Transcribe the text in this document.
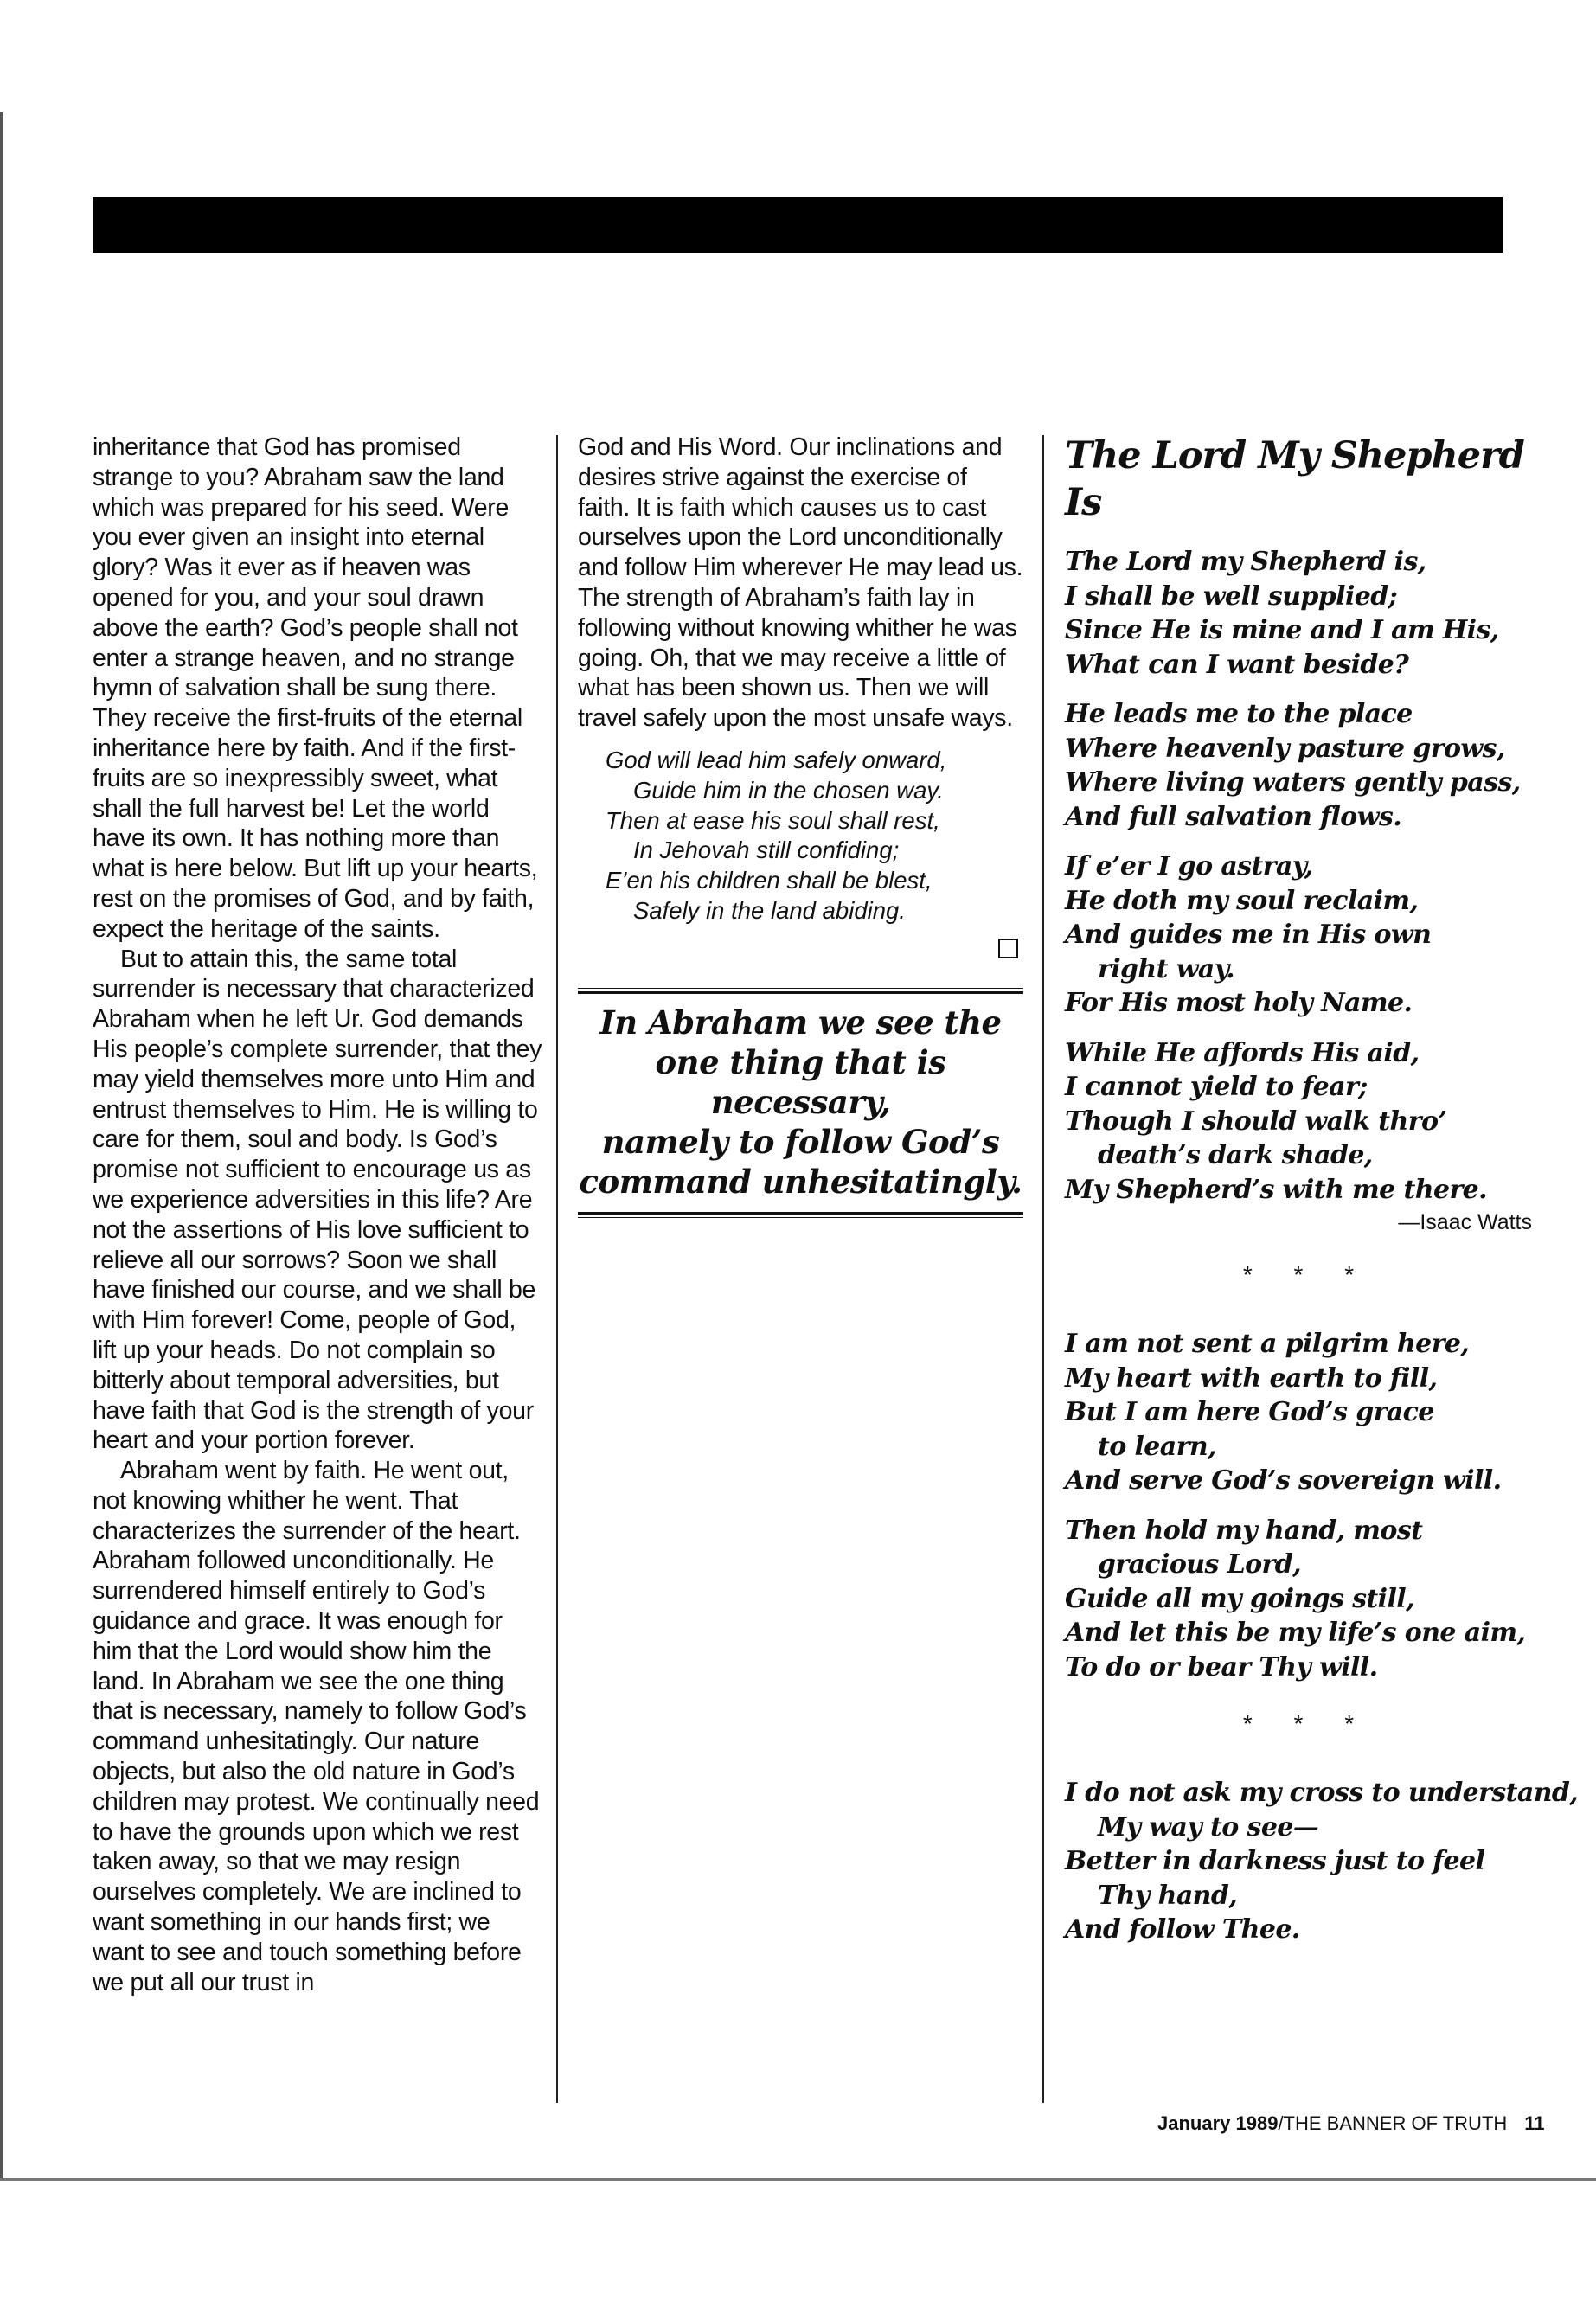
inheritance that God has promised strange to you? Abraham saw the land which was prepared for his seed. Were you ever given an insight into eternal glory? Was it ever as if heaven was opened for you, and your soul drawn above the earth? God’s people shall not enter a strange heaven, and no strange hymn of salvation shall be sung there. They receive the first-fruits of the eternal inheritance here by faith. And if the first-fruits are so inexpressibly sweet, what shall the full harvest be! Let the world have its own. It has nothing more than what is here below. But lift up your hearts, rest on the promises of God, and by faith, expect the heritage of the saints.

But to attain this, the same total surrender is necessary that characterized Abraham when he left Ur. God demands His people’s complete surrender, that they may yield themselves more unto Him and entrust themselves to Him. He is willing to care for them, soul and body. Is God’s promise not sufficient to encourage us as we experience adversities in this life? Are not the assertions of His love sufficient to relieve all our sorrows? Soon we shall have finished our course, and we shall be with Him forever! Come, people of God, lift up your heads. Do not complain so bitterly about temporal adversities, but have faith that God is the strength of your heart and your portion forever.

Abraham went by faith. He went out, not knowing whither he went. That characterizes the surrender of the heart. Abraham followed unconditionally. He surrendered himself entirely to God’s guidance and grace. It was enough for him that the Lord would show him the land. In Abraham we see the one thing that is necessary, namely to follow God’s command unhesitatingly. Our nature objects, but also the old nature in God’s children may protest. We continually need to have the grounds upon which we rest taken away, so that we may resign ourselves completely. We are inclined to want something in our hands first; we want to see and touch something before we put all our trust in

God and His Word. Our inclinations and desires strive against the exercise of faith. It is faith which causes us to cast ourselves upon the Lord unconditionally and follow Him wherever He may lead us. The strength of Abraham’s faith lay in following without knowing whither he was going. Oh, that we may receive a little of what has been shown us. Then we will travel safely upon the most unsafe ways.

God will lead him safely onward,
Guide him in the chosen way.
Then at ease his soul shall rest,
In Jehovah still confiding;
E’en his children shall be blest,
Safely in the land abiding.
In Abraham we see the
one thing that is necessary,
namely to follow God’s
command unhesitatingly.
The Lord My Shepherd Is
The Lord my Shepherd is,
I shall be well supplied;
Since He is mine and I am His,
What can I want beside?
He leads me to the place
Where heavenly pasture grows,
Where living waters gently pass,
And full salvation flows.
If e’er I go astray,
He doth my soul reclaim,
And guides me in His own
right way.
For His most holy Name.
While He affords His aid,
I cannot yield to fear;
Though I should walk thro’
death’s dark shade,
My Shepherd’s with me there.
—Isaac Watts
* * *
I am not sent a pilgrim here,
My heart with earth to fill,
But I am here God’s grace
to learn,
And serve God’s sovereign will.
Then hold my hand, most
gracious Lord,
Guide all my goings still,
And let this be my life’s one aim,
To do or bear Thy will.
* * *
I do not ask my cross to understand,
My way to see—
Better in darkness just to feel
Thy hand,
And follow Thee.
January 1989/THE BANNER OF TRUTH 11
